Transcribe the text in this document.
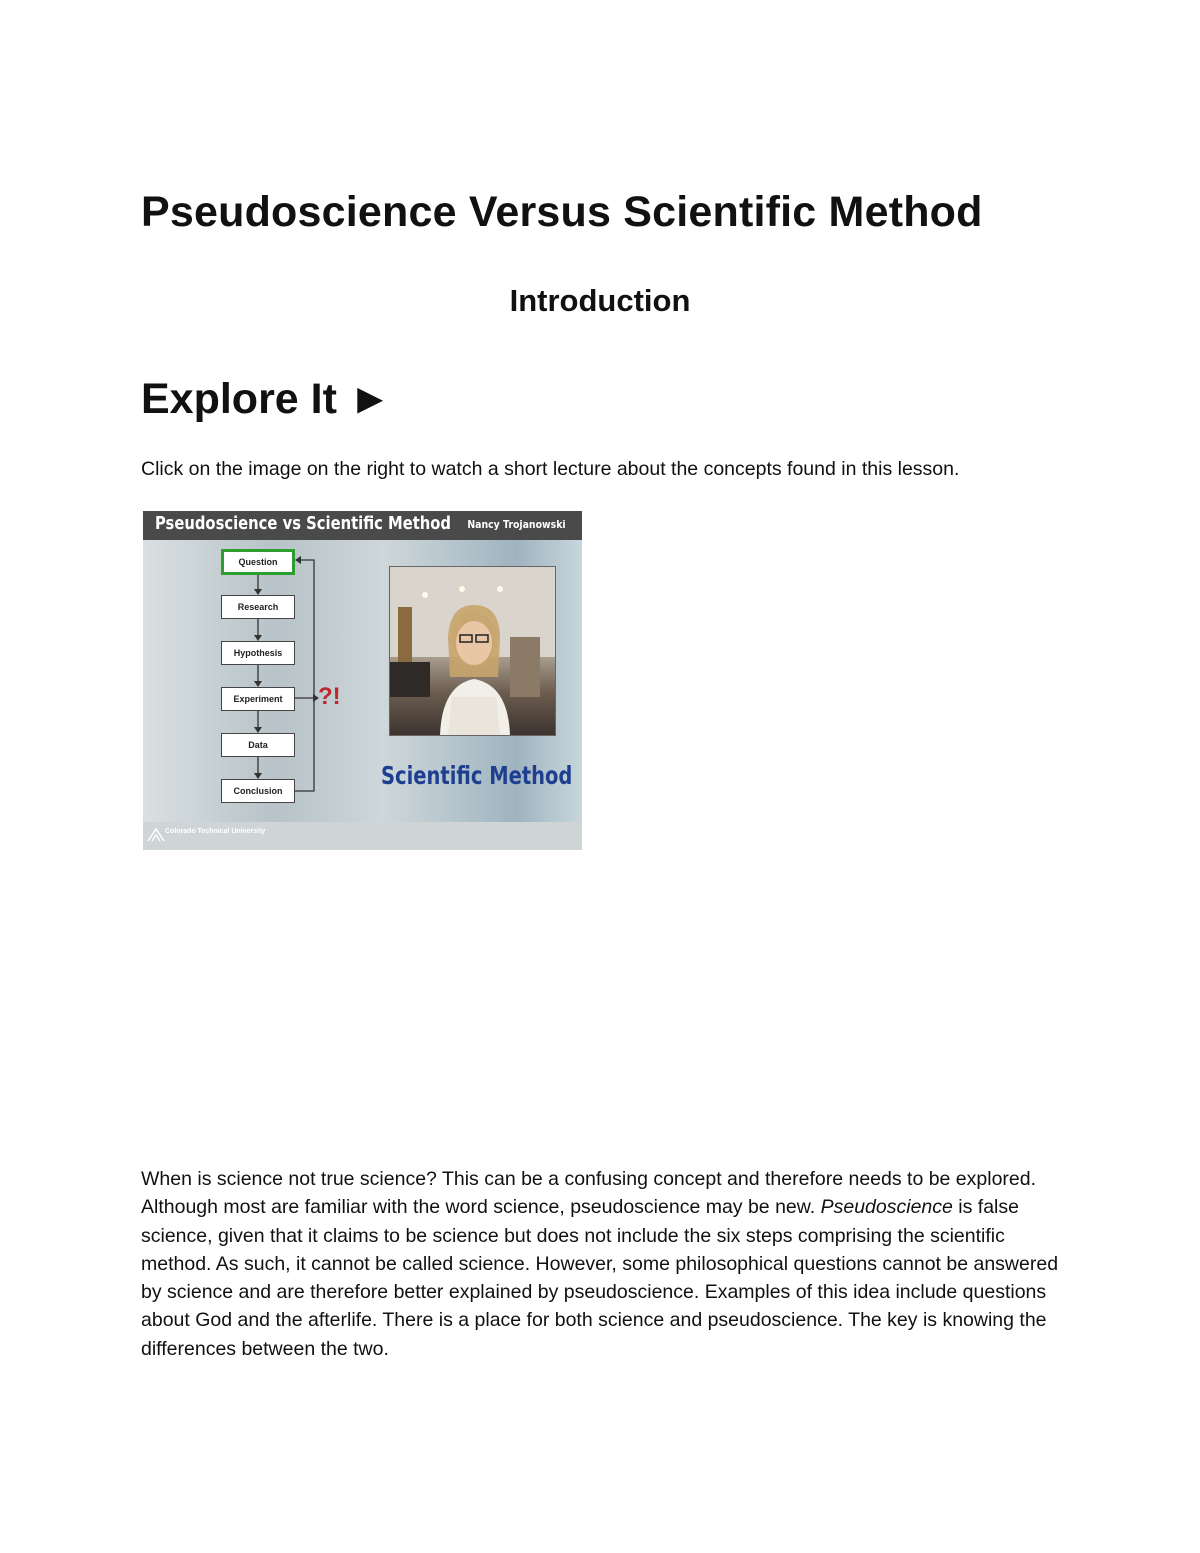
Pseudoscience Versus Scientific Method
Introduction
Explore It ►
Click on the image on the right to watch a short lecture about the concepts found in this lesson.
Pseudoscience vs Scientific Method Nancy Trojanowski
Question
Research
Hypothesis
Experiment
Data
Conclusion
?!
Scientific Method
Colorado Technical University

When is science not true science? This can be a confusing concept and therefore needs to be explored. Although most are familiar with the word science, pseudoscience may be new. Pseudoscience is false science, given that it claims to be science but does not include the six steps comprising the scientific method. As such, it cannot be called science. However, some philosophical questions cannot be answered by science and are therefore better explained by pseudoscience. Examples of this idea include questions about God and the afterlife. There is a place for both science and pseudoscience. The key is knowing the differences between the two.
